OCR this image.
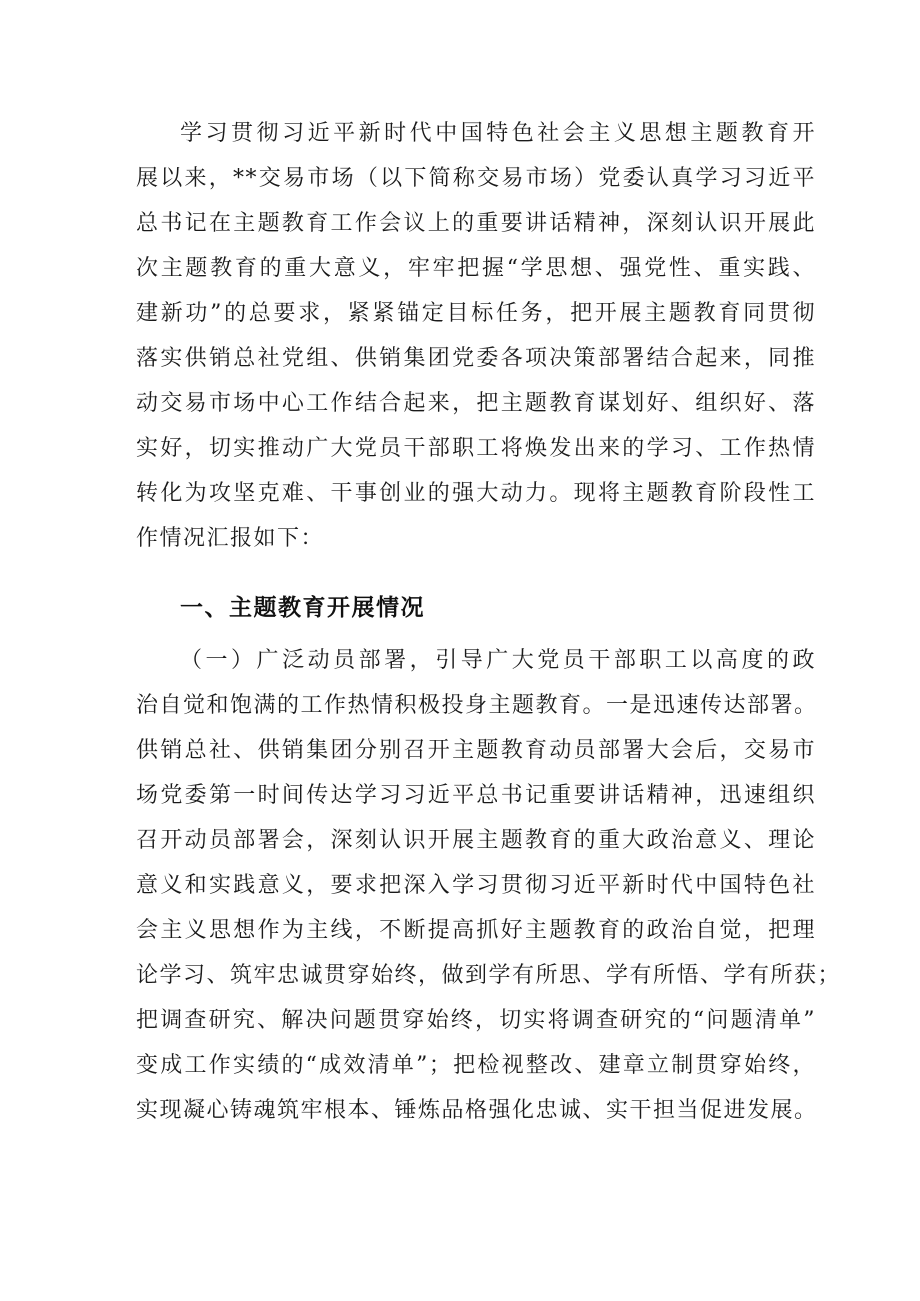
学习贯彻习近平新时代中国特色社会主义思想主题教育开
展以来，**交易市场（以下简称交易市场）党委认真学习习近平
总书记在主题教育工作会议上的重要讲话精神，深刻认识开展此
次主题教育的重大意义，牢牢把握“学思想、强党性、重实践、
建新功”的总要求，紧紧锚定目标任务，把开展主题教育同贯彻
落实供销总社党组、供销集团党委各项决策部署结合起来，同推
动交易市场中心工作结合起来，把主题教育谋划好、组织好、落
实好，切实推动广大党员干部职工将焕发出来的学习、工作热情
转化为攻坚克难、干事创业的强大动力。现将主题教育阶段性工
作情况汇报如下：
一、主题教育开展情况
（一）广泛动员部署，引导广大党员干部职工以高度的政
治自觉和饱满的工作热情积极投身主题教育。一是迅速传达部署。
供销总社、供销集团分别召开主题教育动员部署大会后，交易市
场党委第一时间传达学习习近平总书记重要讲话精神，迅速组织
召开动员部署会，深刻认识开展主题教育的重大政治意义、理论
意义和实践意义，要求把深入学习贯彻习近平新时代中国特色社
会主义思想作为主线，不断提高抓好主题教育的政治自觉，把理
论学习、筑牢忠诚贯穿始终，做到学有所思、学有所悟、学有所获；
把调查研究、解决问题贯穿始终，切实将调查研究的“问题清单”
变成工作实绩的“成效清单”；把检视整改、建章立制贯穿始终，
实现凝心铸魂筑牢根本、锤炼品格强化忠诚、实干担当促进发展。
